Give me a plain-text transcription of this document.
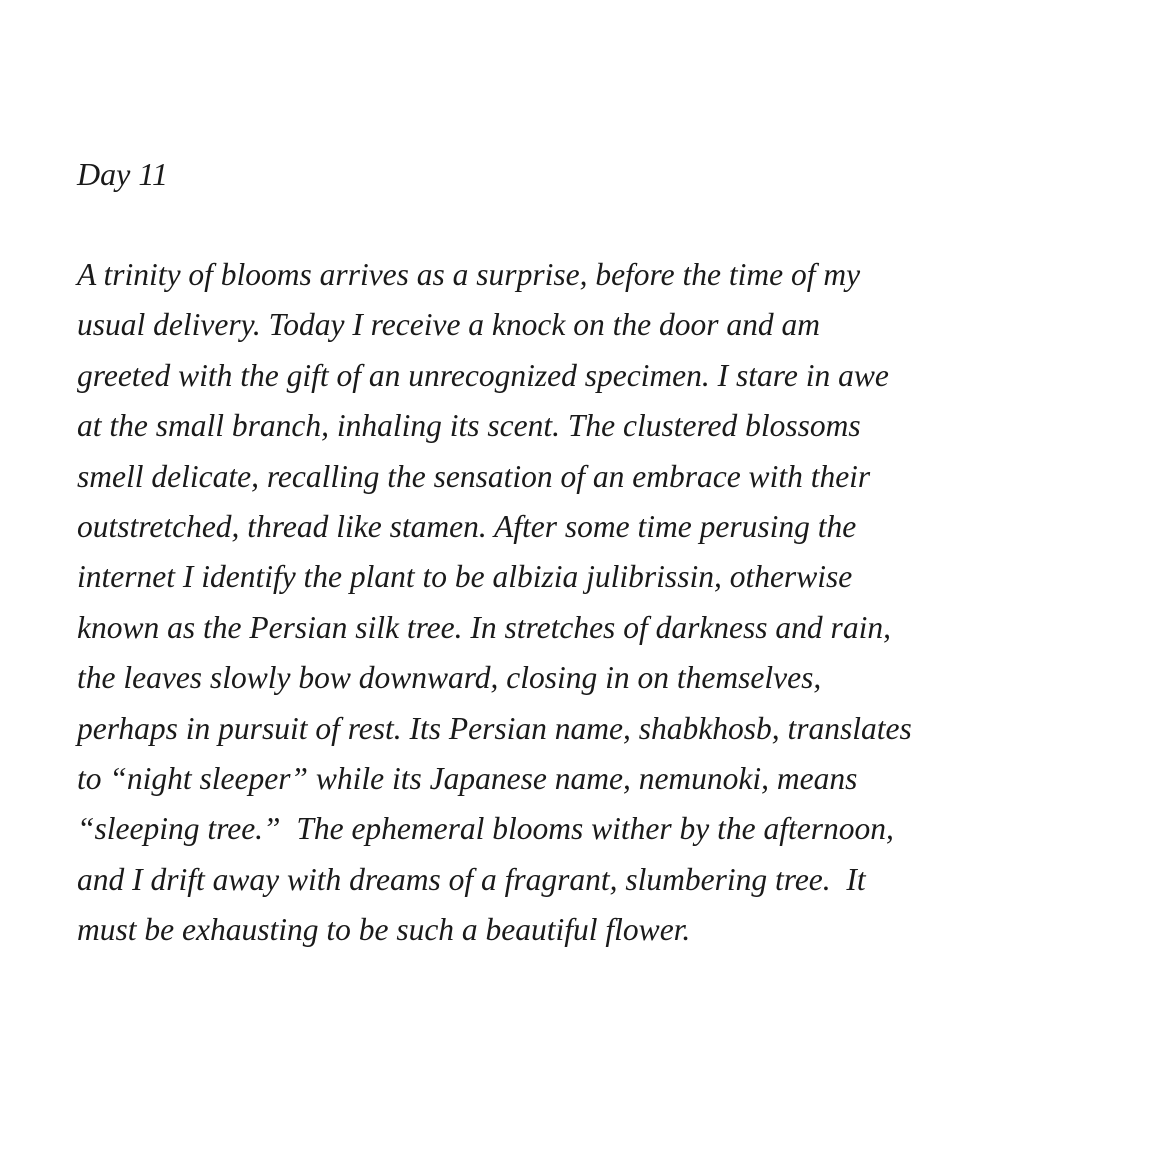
Day 11

A trinity of blooms arrives as a surprise, before the time of my
usual delivery. Today I receive a knock on the door and am
greeted with the gift of an unrecognized specimen. I stare in awe
at the small branch, inhaling its scent. The clustered blossoms
smell delicate, recalling the sensation of an embrace with their
outstretched, thread like stamen. After some time perusing the
internet I identify the plant to be albizia julibrissin, otherwise
known as the Persian silk tree. In stretches of darkness and rain,
the leaves slowly bow downward, closing in on themselves,
perhaps in pursuit of rest. Its Persian name, shabkhosb, translates
to “night sleeper” while its Japanese name, nemunoki, means
“sleeping tree.”  The ephemeral blooms wither by the afternoon,
and I drift away with dreams of a fragrant, slumbering tree.  It
must be exhausting to be such a beautiful flower.
